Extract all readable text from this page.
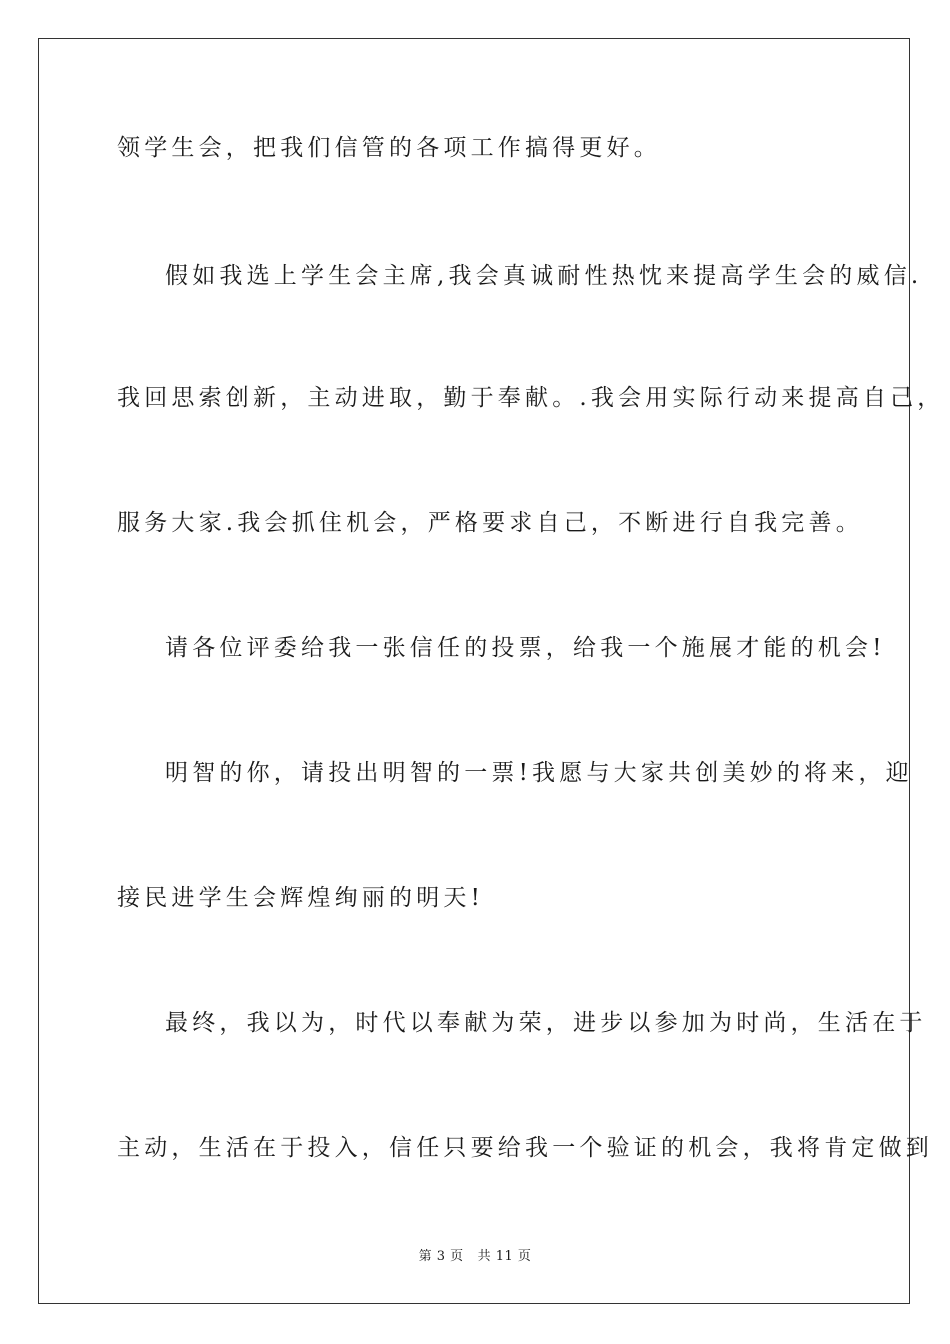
领学生会，把我们信管的各项工作搞得更好。
假如我选上学生会主席,我会真诚耐性热忱来提高学生会的威信.
我回思索创新，主动进取，勤于奉献。.我会用实际行动来提高自己，
服务大家.我会抓住机会，严格要求自己，不断进行自我完善。
请各位评委给我一张信任的投票，给我一个施展才能的机会!
明智的你，请投出明智的一票!我愿与大家共创美妙的将来，迎
接民进学生会辉煌绚丽的明天!
最终，我以为，时代以奉献为荣，进步以参加为时尚，生活在于
主动，生活在于投入，信任只要给我一个验证的机会，我将肯定做到
第 3 页 共 11 页
